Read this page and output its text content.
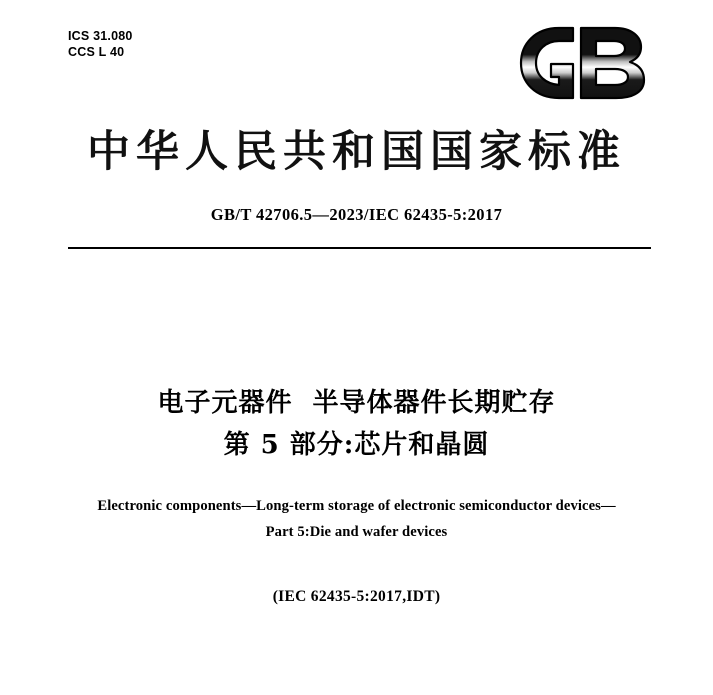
ICS 31.080
CCS L 40
中华人民共和国国家标准
GB/T 42706.5—2023/IEC 62435-5:2017
电子元器件  半导体器件长期贮存
第 5 部分:芯片和晶圆
Electronic components—Long-term storage of electronic semiconductor devices—
Part 5:Die and wafer devices
(IEC 62435-5:2017,IDT)
